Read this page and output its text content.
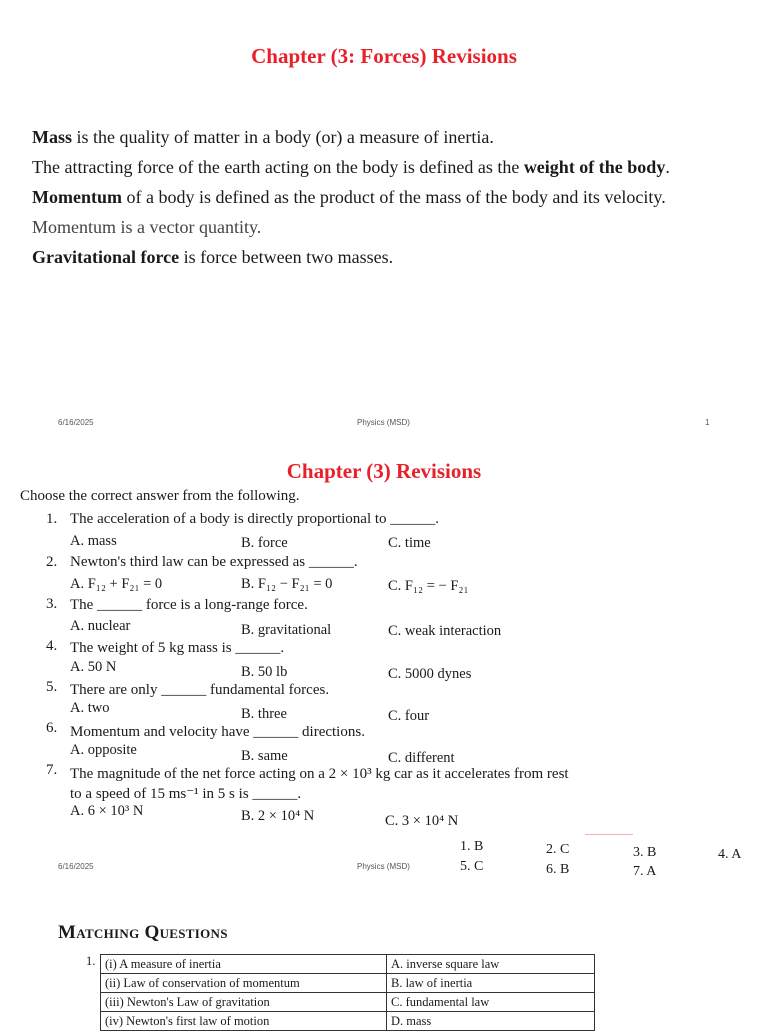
Chapter (3: Forces) Revisions
Mass is the quality of matter in a body (or) a measure of inertia.
The attracting force of the earth acting on the body is defined as the weight of the body.
Momentum of a body is defined as the product of the mass of the body and its velocity.
Momentum is a vector quantity.
Gravitational force is force between two masses.
6/16/2025	Physics (MSD)	1
Chapter (3) Revisions
Choose the correct answer from the following.
1. The acceleration of a body is directly proportional to ______.
A. mass	B. force	C. time
2. Newton's third law can be expressed as ______.
A. F₁₂ + F₂₁ = 0	B. F₁₂ − F₂₁ = 0	C. F₁₂ = − F₂₁
3. The ______ force is a long-range force.
A. nuclear	B. gravitational	C. weak interaction
4. The weight of 5 kg mass is ______.
A. 50 N	B. 50 lb	C. 5000 dynes
5. There are only ______ fundamental forces.
A. two	B. three	C. four
6. Momentum and velocity have ______ directions.
A. opposite	B. same	C. different
7. The magnitude of the net force acting on a 2 × 10³ kg car as it accelerates from rest
to a speed of 15 ms⁻¹ in 5 s is ______.
A. 6 × 10³ N	B. 2 × 10⁴ N	C. 3 × 10⁴ N
1. B	2. C	3. B	4. A
5. C	6. B	7. A
6/16/2025	Physics (MSD)
Matching Questions
1. (i) A measure of inertia	A. inverse square law
(ii) Law of conservation of momentum	B. law of inertia
(iii) Newton's Law of gravitation	C. fundamental law
(iv) Newton's first law of motion	D. mass
